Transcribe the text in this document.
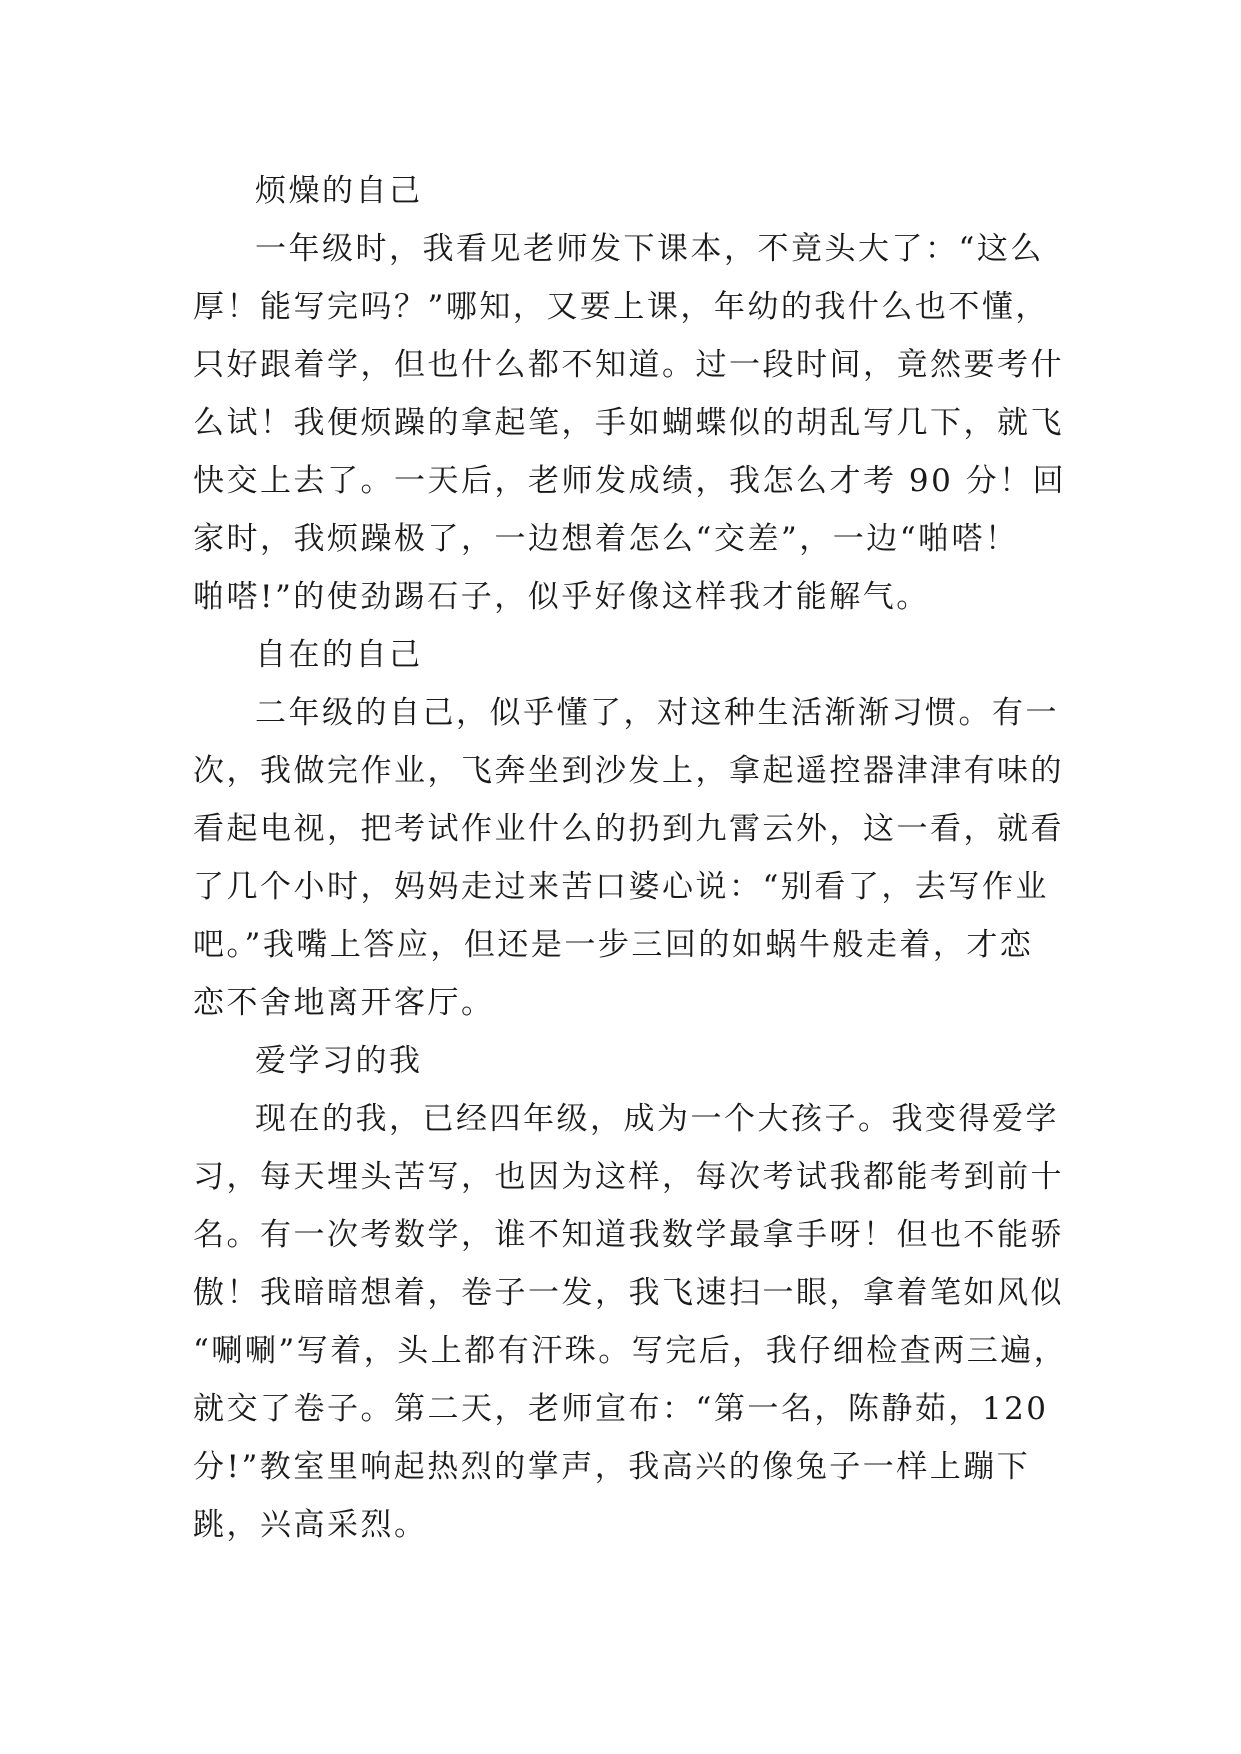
烦燥的自己
一年级时，我看见老师发下课本，不竟头大了：“这么
厚！能写完吗？”哪知，又要上课，年幼的我什么也不懂，
只好跟着学，但也什么都不知道。过一段时间，竟然要考什
么试！我便烦躁的拿起笔，手如蝴蝶似的胡乱写几下，就飞
快交上去了。一天后，老师发成绩，我怎么才考 90 分！回
家时，我烦躁极了，一边想着怎么“交差”，一边“啪嗒！
啪嗒!”的使劲踢石子，似乎好像这样我才能解气。
自在的自己
二年级的自己，似乎懂了，对这种生活渐渐习惯。有一
次，我做完作业，飞奔坐到沙发上，拿起遥控器津津有味的
看起电视，把考试作业什么的扔到九霄云外，这一看，就看
了几个小时，妈妈走过来苦口婆心说：“别看了，去写作业
吧。”我嘴上答应，但还是一步三回的如蜗牛般走着，才恋
恋不舍地离开客厅。
爱学习的我
现在的我，已经四年级，成为一个大孩子。我变得爱学
习，每天埋头苦写，也因为这样，每次考试我都能考到前十
名。有一次考数学，谁不知道我数学最拿手呀！但也不能骄
傲！我暗暗想着，卷子一发，我飞速扫一眼，拿着笔如风似
“唰唰”写着，头上都有汗珠。写完后，我仔细检查两三遍，
就交了卷子。第二天，老师宣布：“第一名，陈静茹，120
分!”教室里响起热烈的掌声，我高兴的像兔子一样上蹦下
跳，兴高采烈。
